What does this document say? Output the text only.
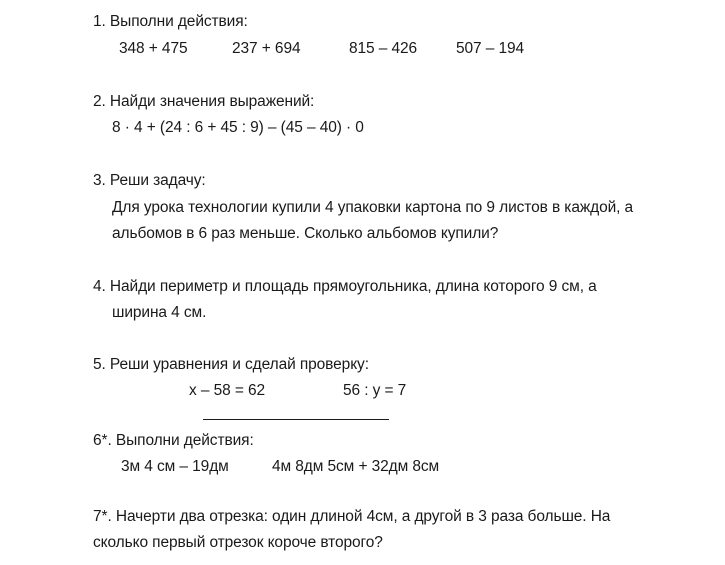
1. Выполни действия:
348 + 475	237 + 694	815 – 426	507 – 194
2. Найди значения выражений:
8 · 4 + (24 : 6 + 45 : 9) – (45 – 40) · 0
3. Реши задачу:
Для урока технологии купили 4 упаковки картона по 9 листов в каждой, а
альбомов в 6 раз меньше. Сколько альбомов купили?
4. Найди периметр и площадь прямоугольника, длина которого 9 см, а
ширина 4 см.
5. Реши уравнения и сделай проверку:
x – 58 = 62	56 : y = 7
6*. Выполни действия:
3м 4 см – 19дм	4м 8дм 5см + 32дм 8см
7*. Начерти два отрезка: один длиной 4см, а другой в 3 раза больше. На
сколько первый отрезок короче второго?
